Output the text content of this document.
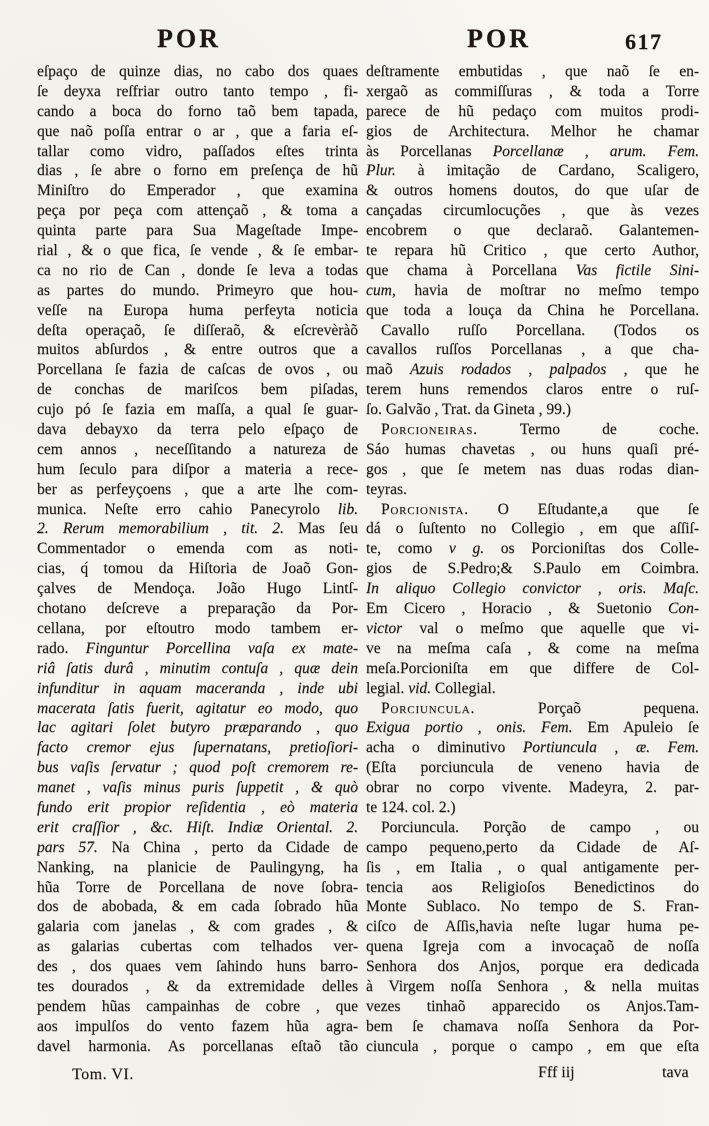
POR	POR	617
eſpaço de quinze dias, no cabo dos quaes
ſe deyxa reſfriar outro tanto tempo , fi-
cando a boca do forno taõ bem tapada,
que naõ poſſa entrar o ar , que a faria eſ-
tallar como vidro, paſſados eſtes trinta
dias , ſe abre o forno em preſença de hũ
Miniſtro do Emperador , que examina
peça por peça com attençaõ , & toma a
quinta parte para Sua Mageſtade Impe-
rial , & o que fica, ſe vende , & ſe embar-
ca no rio de Can , donde ſe leva a todas
as partes do mundo. Primeyro que hou-
veſſe na Europa huma perfeyta noticia
deſta operaçaõ, ſe diſſeraõ, & eſcrevèràõ
muitos abſurdos , & entre outros que a
Porcellana ſe fazia de caſcas de ovos , ou
de conchas de mariſcos bem piſadas,
cujo pó ſe fazia em maſſa, a qual ſe guar-
dava debayxo da terra pelo eſpaço de
cem annos , neceſſitando a natureza de
hum ſeculo para diſpor a materia a rece-
ber as perfeyçoens , que a arte lhe com-
munica. Neſte erro cahio Panecyrolo lib.
2. Rerum memorabilium , tit. 2. Mas ſeu
Commentador o emenda com as noti-
cias, q́ tomou da Hiſtoria de Joaõ Gon-
çalves de Mendoça. João Hugo Lintſ-
chotano deſcreve a preparação da Por-
cellana, por eſtoutro modo tambem er-
rado. Finguntur Porcellina vaſa ex mate-
riâ ſatis durâ , minutim contuſa , quæ dein
infunditur in aquam maceranda , inde ubi
macerata ſatis fuerit, agitatur eo modo, quo
lac agitari ſolet butyro præparando , quo
facto cremor ejus ſupernatans, pretioſiori-
bus vaſis ſervatur ; quod poſt cremorem re-
manet , vaſis minus puris ſuppetit , & quò
fundo erit propior reſidentia , eò materia
erit craſſior , &c. Hiſt. Indiæ Oriental. 2.
pars 57. Na China , perto da Cidade de
Nanking, na planicie de Paulingyng, ha
hũa Torre de Porcellana de nove ſobra-
dos de abobada, & em cada ſobrado hũa
galaria com janelas , & com grades , &
as galarias cubertas com telhados ver-
des , dos quaes vem ſahindo huns barro-
tes dourados , & da extremidade delles
pendem hũas campainhas de cobre , que
aos impulſos do vento fazem hũa agra-
davel harmonia. As porcellanas eſtaõ tão
deſtramente embutidas , que naõ ſe en-
xergaõ as commiſſuras , & toda a Torre
parece de hũ pedaço com muitos prodi-
gios de Architectura. Melhor he chamar
às Porcellanas Porcellanæ , arum. Fem.
Plur. à imitação de Cardano, Scaligero,
& outros homens doutos, do que uſar de
cançadas circumlocuções , que às vezes
encobrem o que declaraõ. Galantemen-
te repara hũ Critico , que certo Author,
que chama à Porcellana Vas fictile Sini-
cum, havia de moſtrar no meſmo tempo
que toda a louça da China he Porcellana.
Cavallo ruſſo Porcellana. (Todos os
cavallos ruſſos Porcellanas , a que cha-
maõ Azuis rodados , palpados , que he
terem huns remendos claros entre o ruſ-
ſo. Galvão , Trat. da Gineta , 99.)
Porcioneiras. Termo de coche.
Sáo humas chavetas , ou huns quaſi pré-
gos , que ſe metem nas duas rodas dian-
teyras.
Porcionista. O Eſtudante,a que ſe
dá o ſuſtento no Collegio , em que aſſiſ-
te, como v g. os Porcioniſtas dos Colle-
gios de S.Pedro;& S.Paulo em Coimbra.
In aliquo Collegio convictor , oris. Maſc.
Em Cicero , Horacio , & Suetonio Con-
victor val o meſmo que aquelle que vi-
ve na meſma caſa , & come na meſma
meſa.Porcioniſta em que differe de Col-
legial. vid. Collegial.
Porciuncula. Porçaõ pequena.
Exigua portio , onis. Fem. Em Apuleio ſe
acha o diminutivo Portiuncula , æ. Fem.
(Eſta porciuncula de veneno havia de
obrar no corpo vivente. Madeyra, 2. par-
te 124. col. 2.)
Porciuncula. Porção de campo , ou
campo pequeno,perto da Cidade de Aſ-
ſis , em Italia , o qual antigamente per-
tencia aos Religioſos Benedictinos do
Monte Sublaco. No tempo de S. Fran-
ciſco de Aſſis,havia neſte lugar huma pe-
quena Igreja com a invocaçaõ de noſſa
Senhora dos Anjos, porque era dedicada
à Virgem noſſa Senhora , & nella muitas
vezes tinhaõ apparecido os Anjos.Tam-
bem ſe chamava noſſa Senhora da Por-
ciuncula , porque o campo , em que eſta
Tom. VI.	Fff iij	tava
